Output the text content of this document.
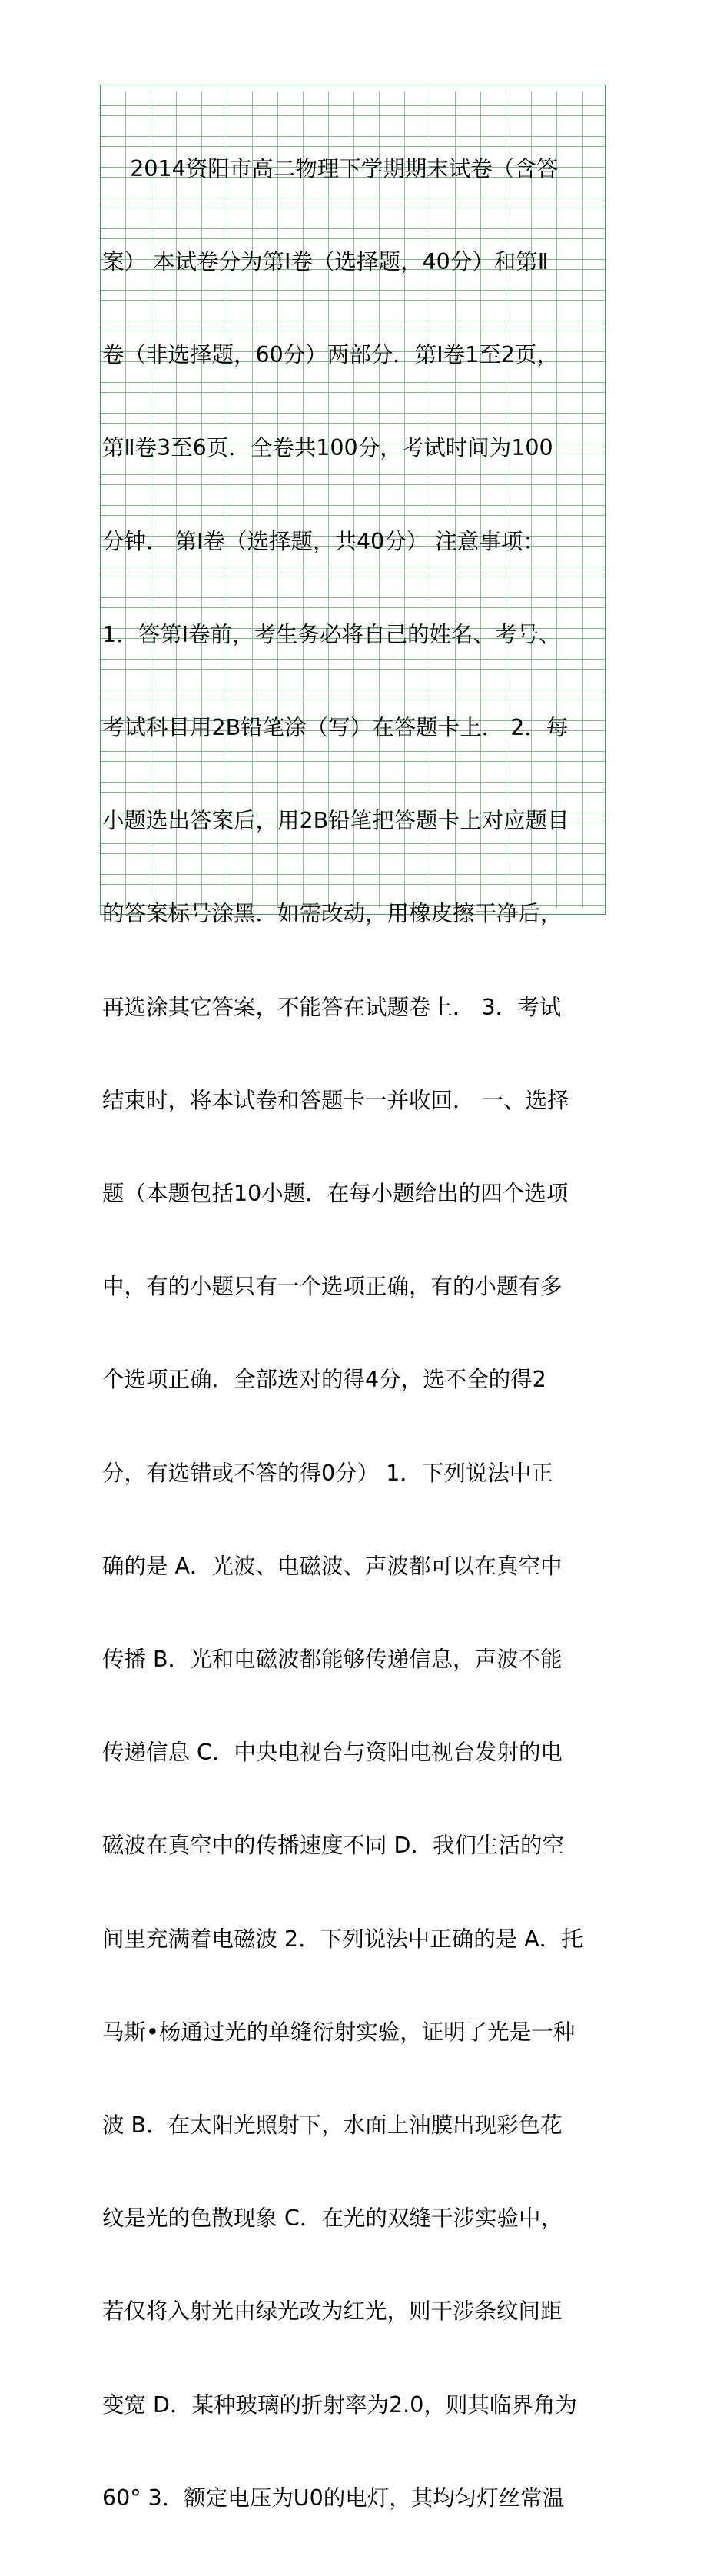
2014资阳市高二物理下学期期末试卷（含答

案） 本试卷分为第Ⅰ卷（选择题，40分）和第Ⅱ

卷（非选择题，60分）两部分．第Ⅰ卷1至2页，

第Ⅱ卷3至6页．全卷共100分，考试时间为100

分钟． 第Ⅰ卷（选择题，共40分） 注意事项：

1．答第Ⅰ卷前，考生务必将自己的姓名、考号、

考试科目用2B铅笔涂（写）在答题卡上． 2．每

小题选出答案后，用2B铅笔把答题卡上对应题目

的答案标号涂黑．如需改动，用橡皮擦干净后，

再选涂其它答案，不能答在试题卷上． 3．考试

结束时，将本试卷和答题卡一并收回． 一、选择

题（本题包括10小题．在每小题给出的四个选项

中，有的小题只有一个选项正确，有的小题有多

个选项正确．全部选对的得4分，选不全的得2

分，有选错或不答的得0分） 1．下列说法中正

确的是 A．光波、电磁波、声波都可以在真空中

传播 B．光和电磁波都能够传递信息，声波不能

传递信息 C．中央电视台与资阳电视台发射的电

磁波在真空中的传播速度不同 D．我们生活的空

间里充满着电磁波 2．下列说法中正确的是 A．托

马斯•杨通过光的单缝衍射实验，证明了光是一种

波 B．在太阳光照射下，水面上油膜出现彩色花

纹是光的色散现象 C．在光的双缝干涉实验中，

若仅将入射光由绿光改为红光，则干涉条纹间距

变宽 D．某种玻璃的折射率为2.0，则其临界角为

60° 3．额定电压为U0的电灯，其均匀灯丝常温
